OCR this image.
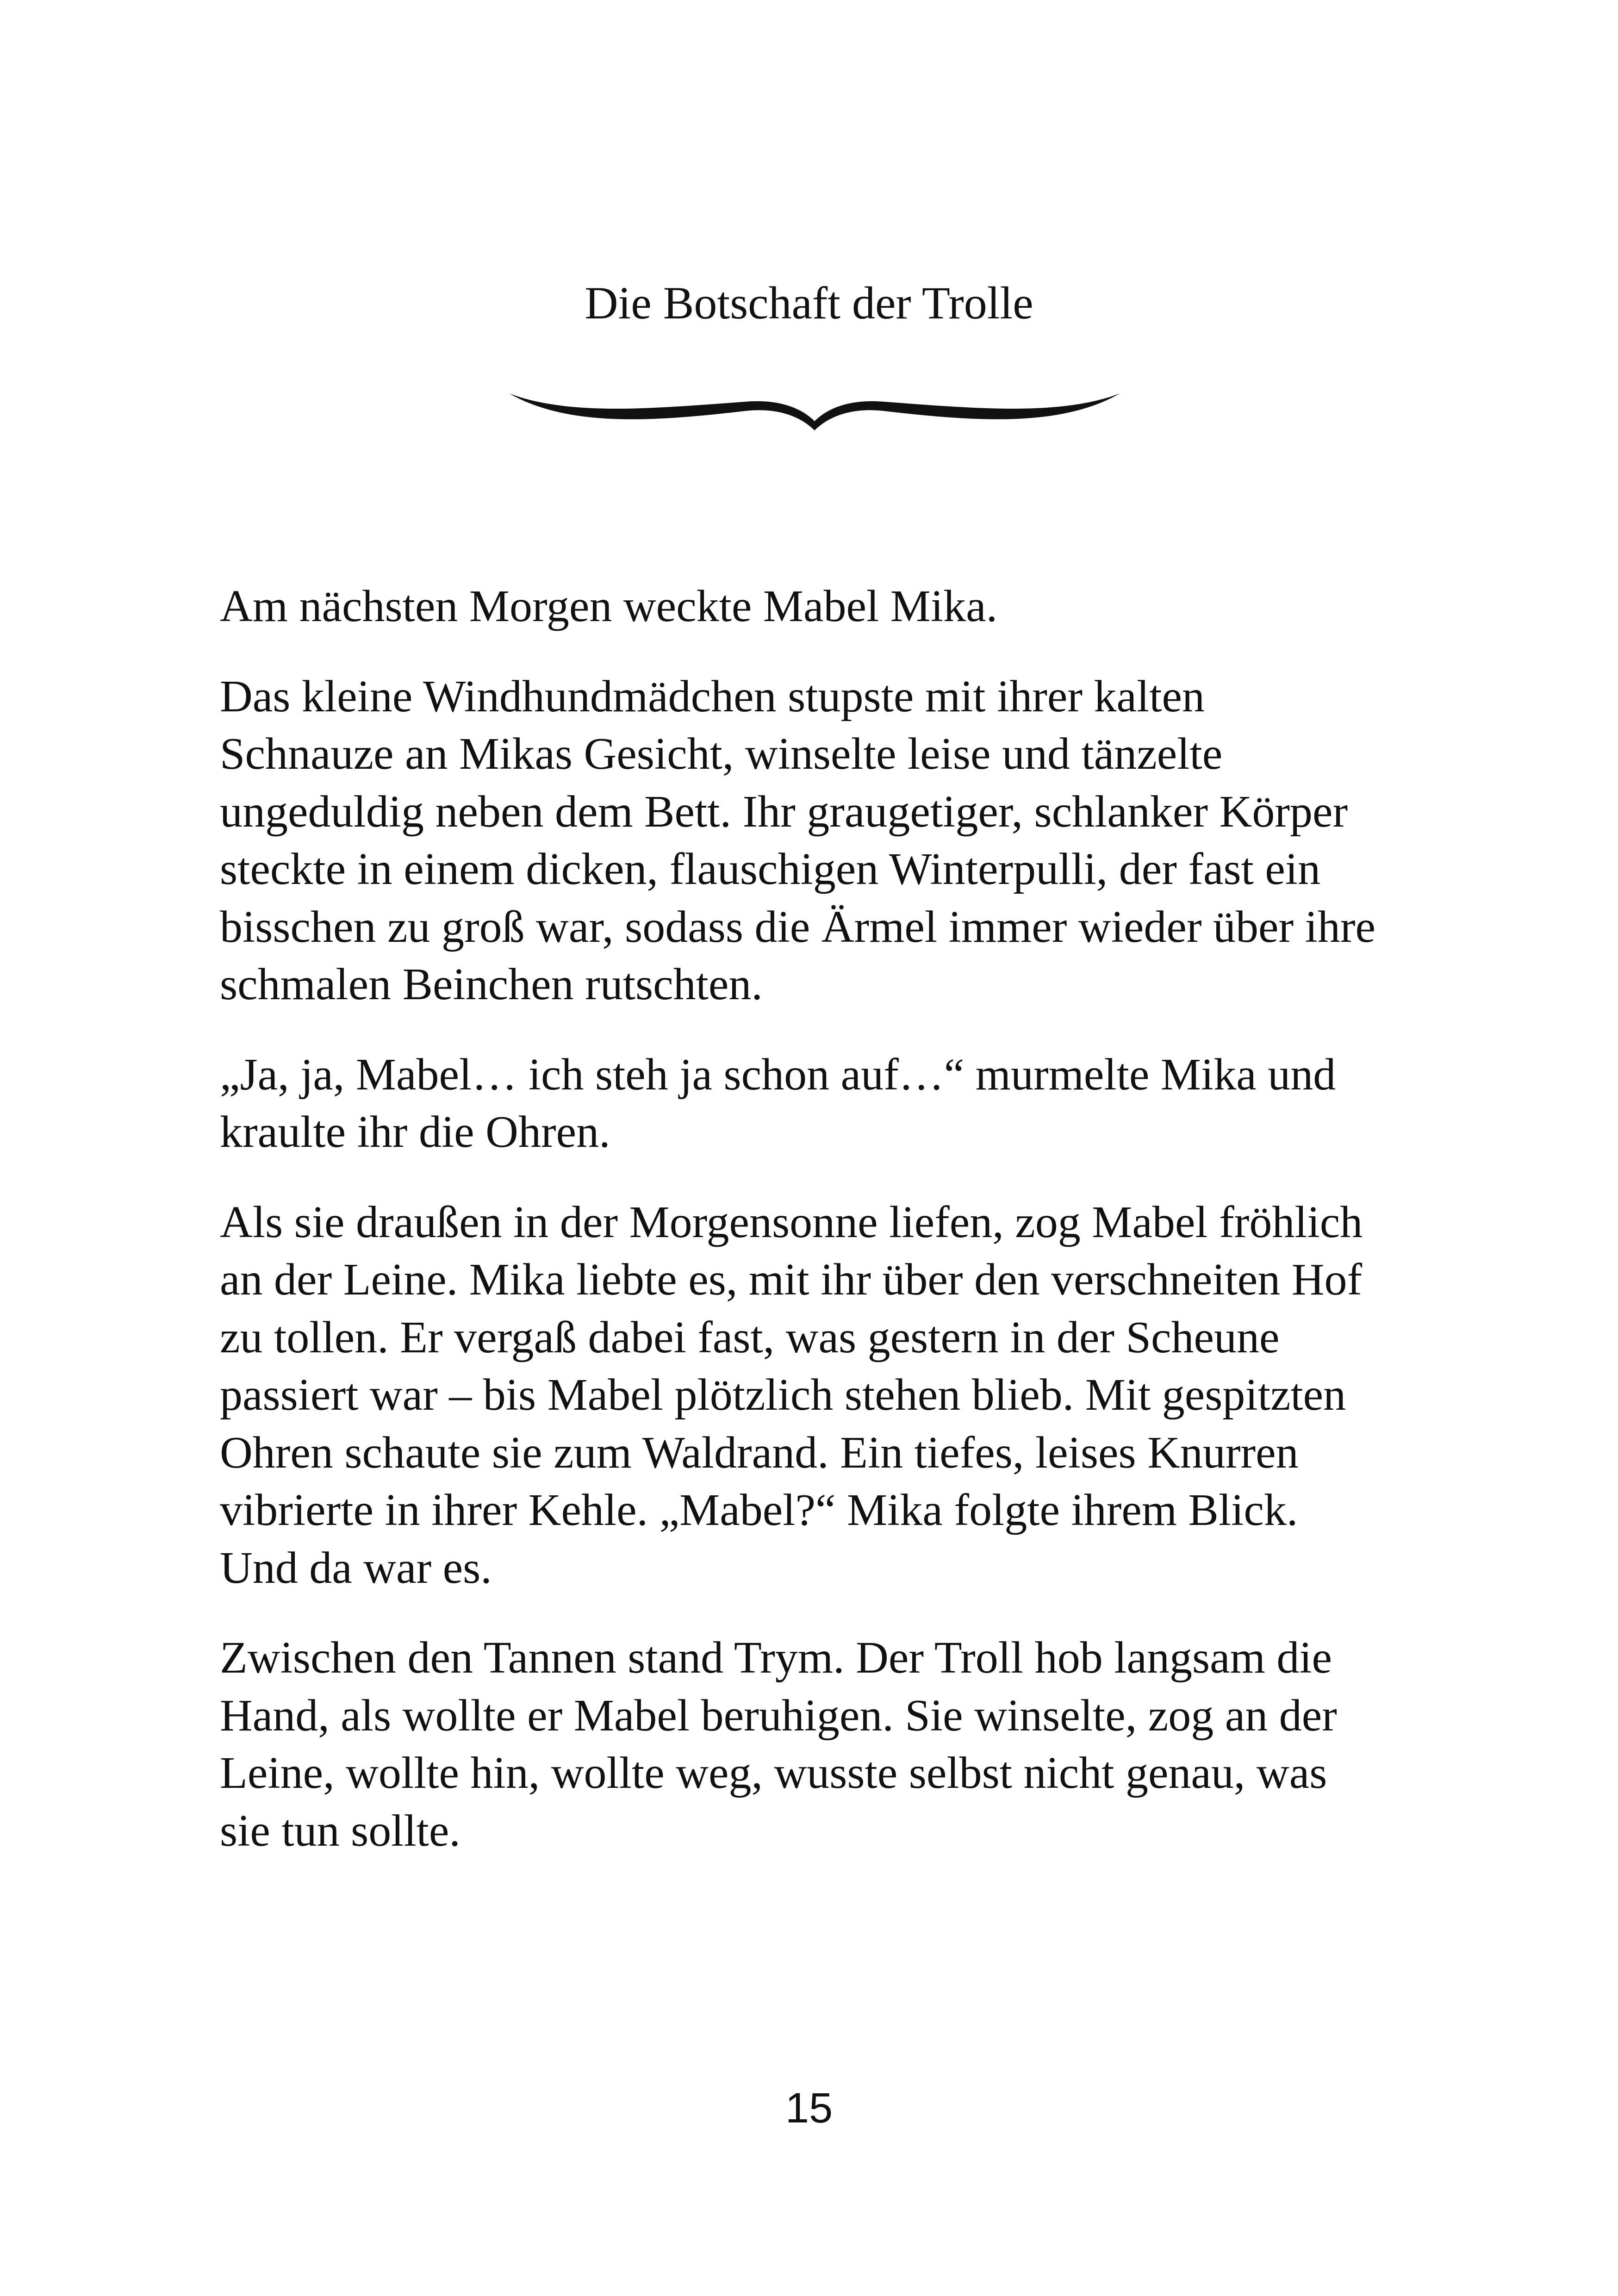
Die Botschaft der Trolle

Am nächsten Morgen weckte Mabel Mika.

Das kleine Windhundmädchen stupste mit ihrer kalten
Schnauze an Mikas Gesicht, winselte leise und tänzelte
ungeduldig neben dem Bett. Ihr graugetiger, schlanker Körper
steckte in einem dicken, flauschigen Winterpulli, der fast ein
bisschen zu groß war, sodass die Ärmel immer wieder über ihre
schmalen Beinchen rutschten.

„Ja, ja, Mabel… ich steh ja schon auf…“ murmelte Mika und
kraulte ihr die Ohren.

Als sie draußen in der Morgensonne liefen, zog Mabel fröhlich
an der Leine. Mika liebte es, mit ihr über den verschneiten Hof
zu tollen. Er vergaß dabei fast, was gestern in der Scheune
passiert war – bis Mabel plötzlich stehen blieb. Mit gespitzten
Ohren schaute sie zum Waldrand. Ein tiefes, leises Knurren
vibrierte in ihrer Kehle. „Mabel?“ Mika folgte ihrem Blick.
Und da war es.

Zwischen den Tannen stand Trym. Der Troll hob langsam die
Hand, als wollte er Mabel beruhigen. Sie winselte, zog an der
Leine, wollte hin, wollte weg, wusste selbst nicht genau, was
sie tun sollte.

15
